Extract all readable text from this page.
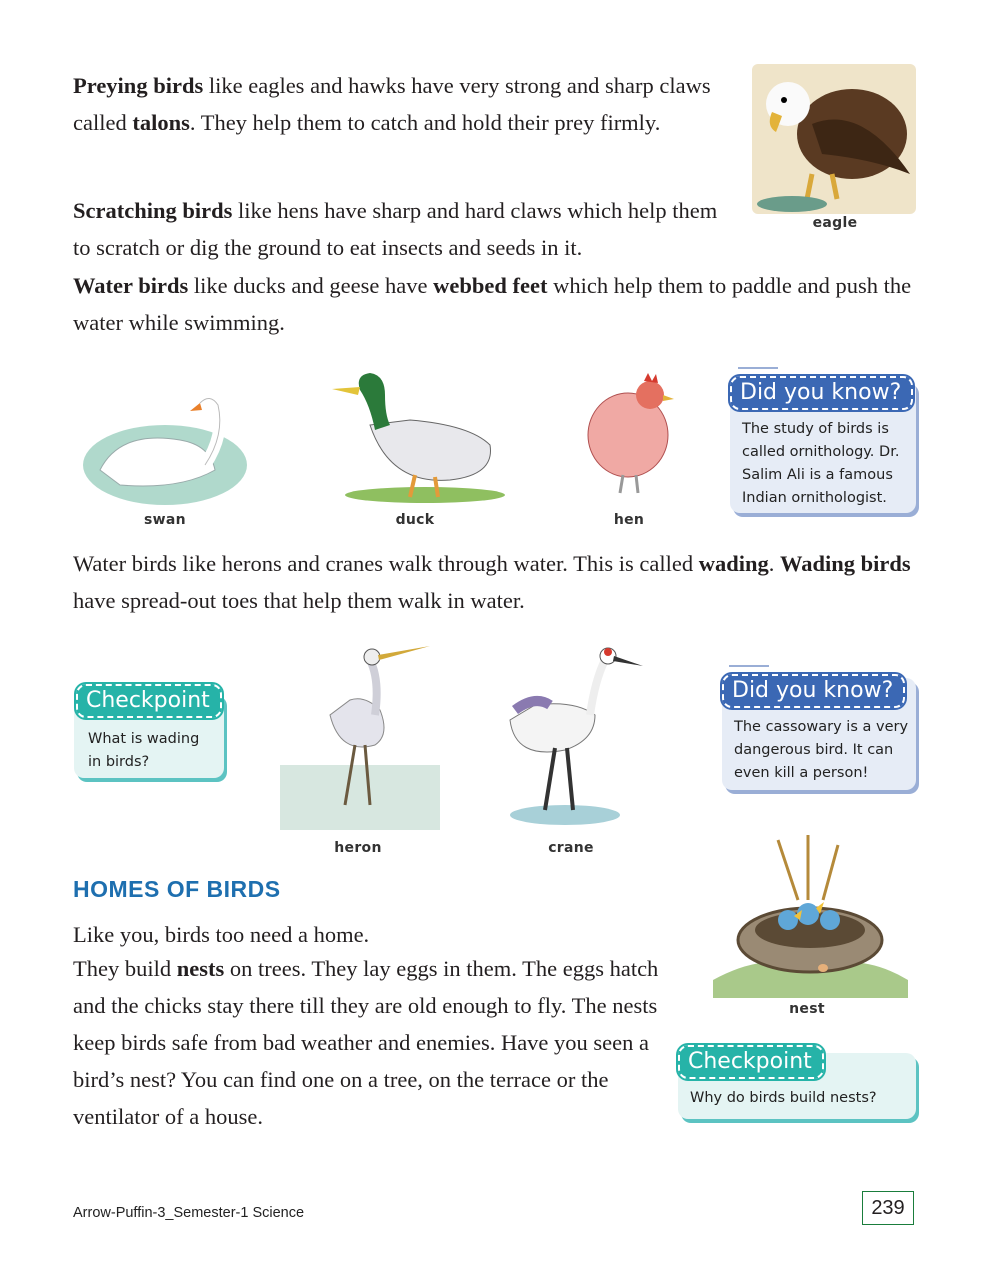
Preying birds like eagles and hawks have very strong and sharp claws called talons. They help them to catch and hold their prey firmly.

eagle

Scratching birds like hens have sharp and hard claws which help them to scratch or dig the ground to eat insects and seeds in it.

Water birds like ducks and geese have webbed feet which help them to paddle and push the water while swimming.

swan	duck	hen
Did you know?
The study of birds is called ornithology. Dr. Salim Ali is a famous Indian ornithologist.

Water birds like herons and cranes walk through water. This is called wading. Wading birds have spread-out toes that help them walk in water.

Checkpoint
What is wading in birds?
heron	crane
Did you know?
The cassowary is a very dangerous bird. It can even kill a person!
HOMES OF BIRDS
Like you, birds too need a home.

They build nests on trees. They lay eggs in them. The eggs hatch and the chicks stay there till they are old enough to fly. The nests keep birds safe from bad weather and enemies. Have you seen a bird’s nest? You can find one on a tree, on the terrace or the ventilator of a house.

nest
Checkpoint
Why do birds build nests?
Arrow-Puffin-3_Semester-1 Science	239
